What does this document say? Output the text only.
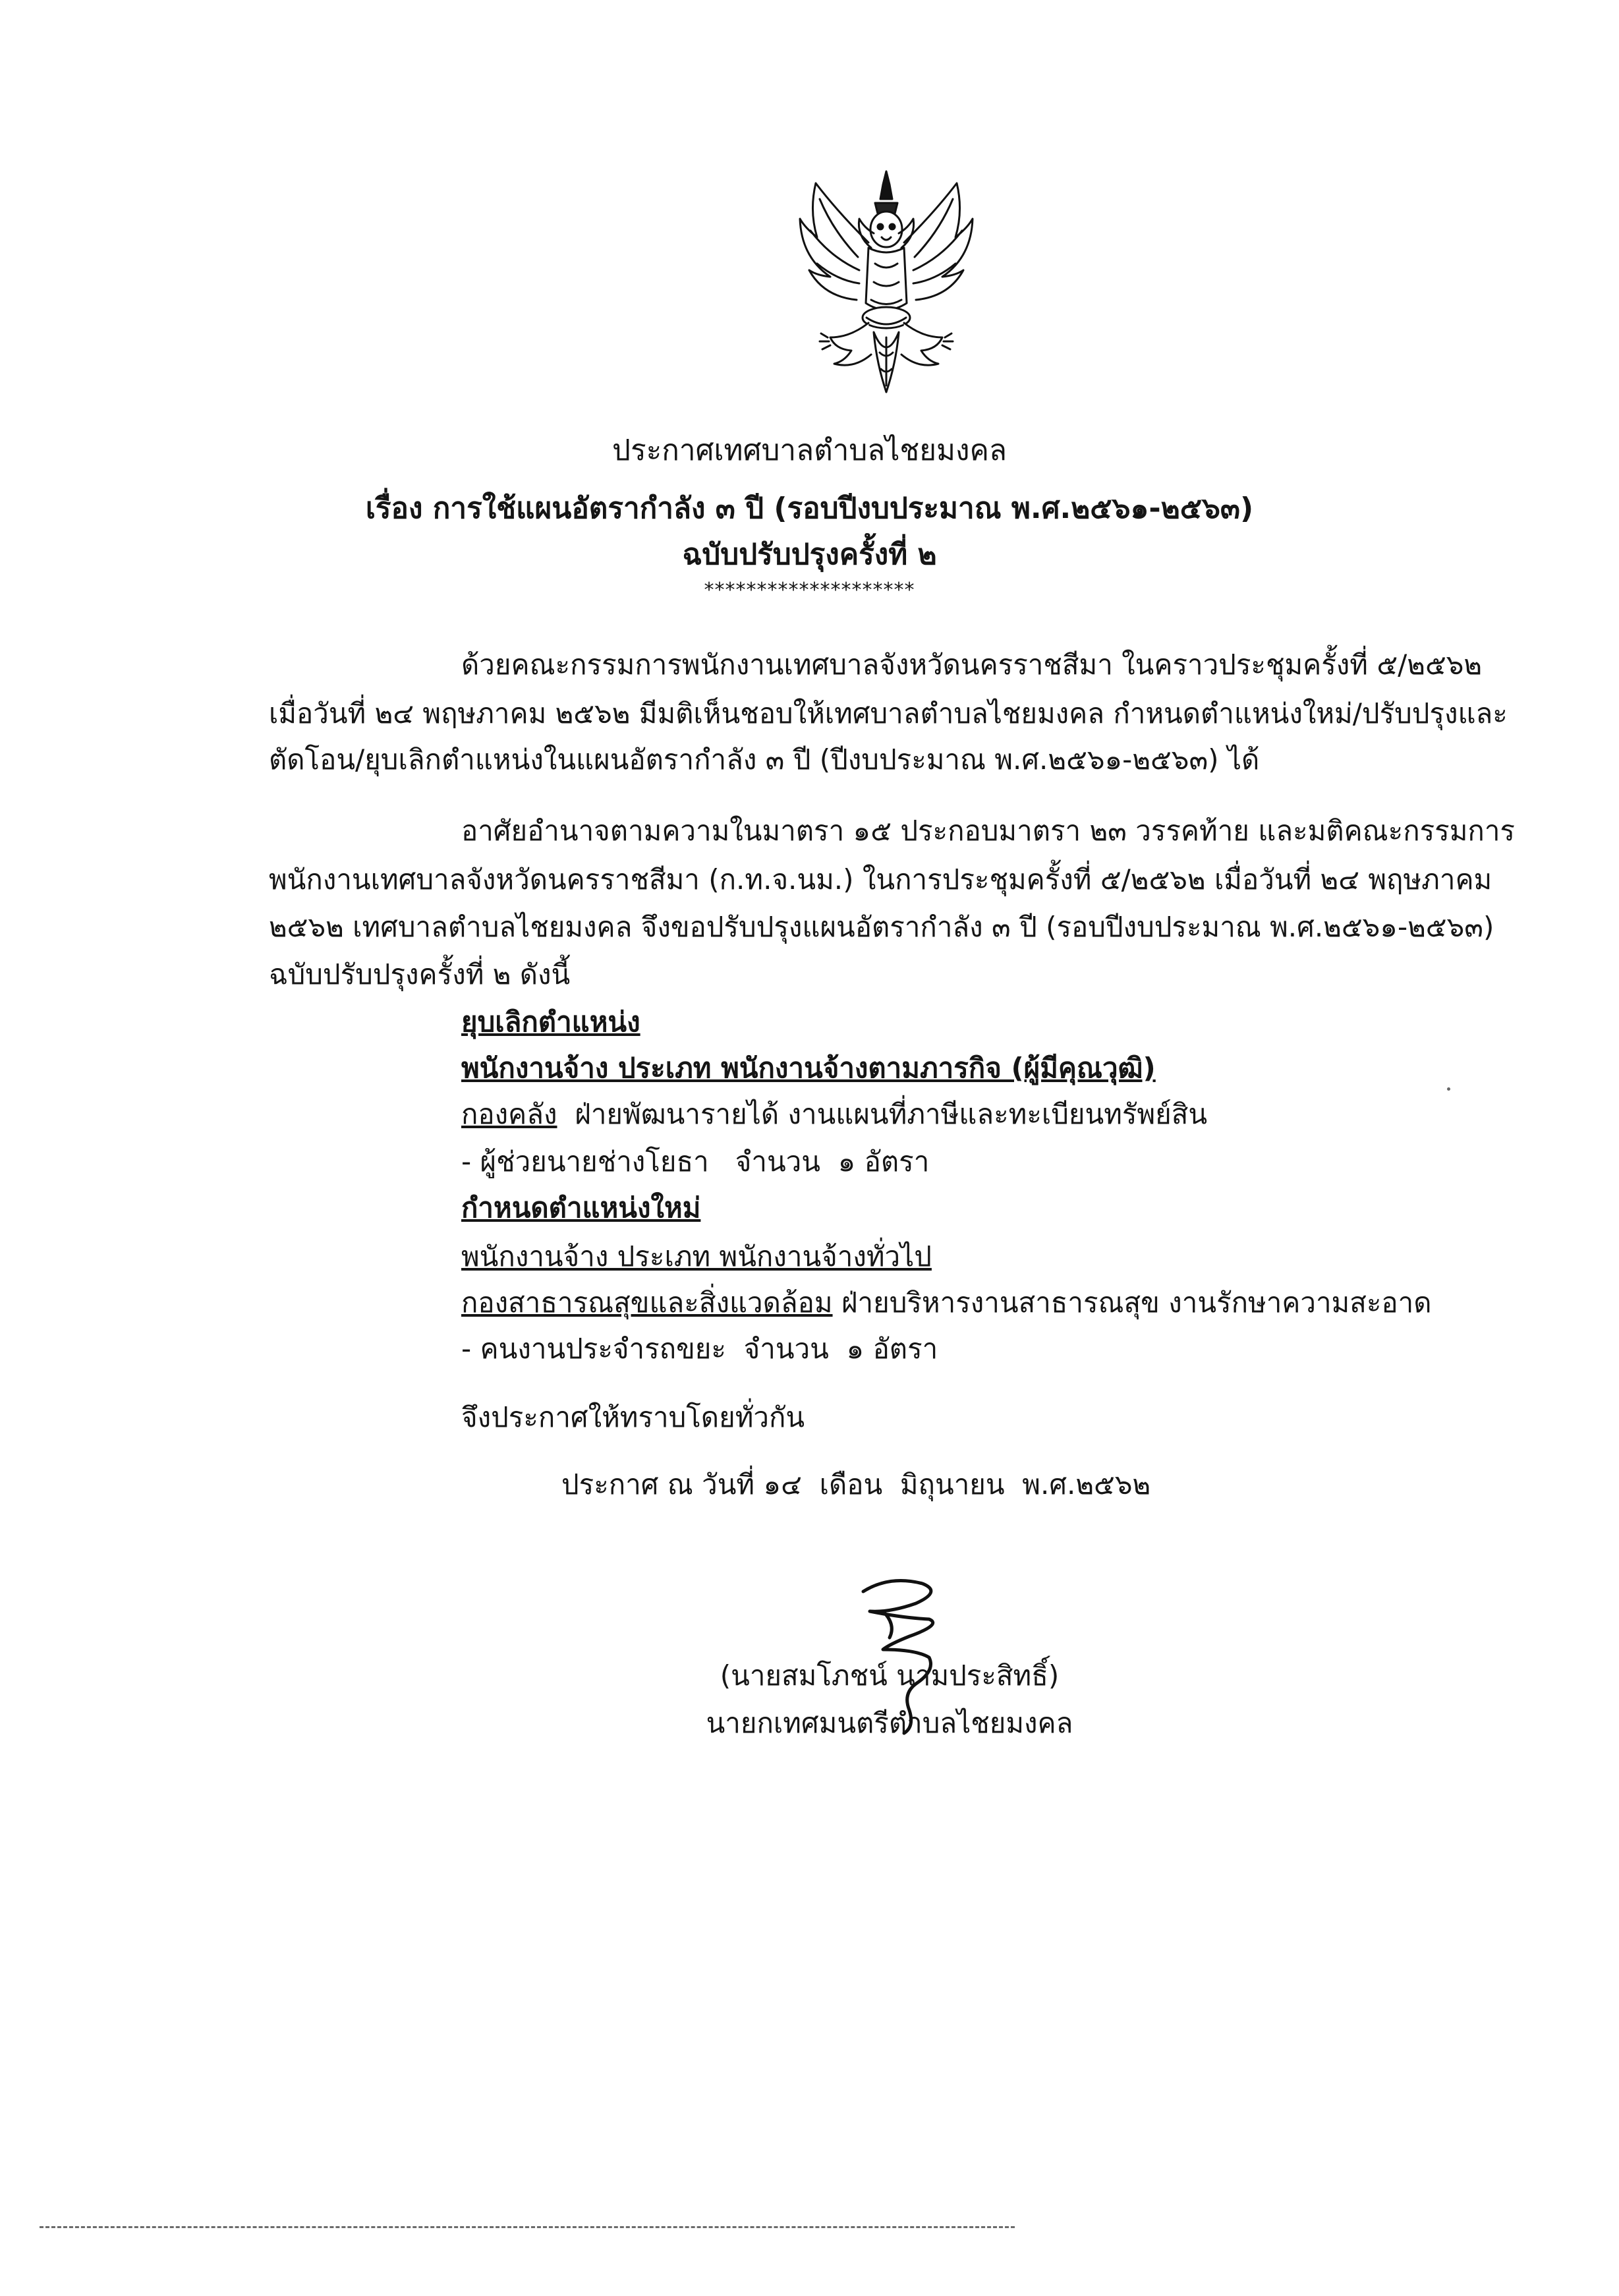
ประกาศเทศบาลตำบลไชยมงคล
เรื่อง การใช้แผนอัตรากำลัง ๓ ปี (รอบปีงบประมาณ พ.ศ.๒๕๖๑-๒๕๖๓)
ฉบับปรับปรุงครั้งที่ ๒
********************
ด้วยคณะกรรมการพนักงานเทศบาลจังหวัดนครราชสีมา ในคราวประชุมครั้งที่ ๕/๒๕๖๒
เมื่อวันที่ ๒๔ พฤษภาคม ๒๕๖๒ มีมติเห็นชอบให้เทศบาลตำบลไชยมงคล กำหนดตำแหน่งใหม่/ปรับปรุงและ
ตัดโอน/ยุบเลิกตำแหน่งในแผนอัตรากำลัง ๓ ปี (ปีงบประมาณ พ.ศ.๒๕๖๑-๒๕๖๓) ได้
อาศัยอำนาจตามความในมาตรา ๑๕ ประกอบมาตรา ๒๓ วรรคท้าย และมติคณะกรรมการ
พนักงานเทศบาลจังหวัดนครราชสีมา (ก.ท.จ.นม.) ในการประชุมครั้งที่ ๕/๒๕๖๒ เมื่อวันที่ ๒๔ พฤษภาคม
๒๕๖๒ เทศบาลตำบลไชยมงคล จึงขอปรับปรุงแผนอัตรากำลัง ๓ ปี (รอบปีงบประมาณ พ.ศ.๒๕๖๑-๒๕๖๓)
ฉบับปรับปรุงครั้งที่ ๒ ดังนี้
ยุบเลิกตำแหน่ง
พนักงานจ้าง ประเภท พนักงานจ้างตามภารกิจ (ผู้มีคุณวุฒิ)
กองคลัง  ฝ่ายพัฒนารายได้ งานแผนที่ภาษีและทะเบียนทรัพย์สิน
- ผู้ช่วยนายช่างโยธา   จำนวน  ๑ อัตรา
กำหนดตำแหน่งใหม่
พนักงานจ้าง ประเภท พนักงานจ้างทั่วไป
กองสาธารณสุขและสิ่งแวดล้อม ฝ่ายบริหารงานสาธารณสุข งานรักษาความสะอาด
- คนงานประจำรถขยะ  จำนวน  ๑ อัตรา
จึงประกาศให้ทราบโดยทั่วกัน
ประกาศ ณ วันที่ ๑๔  เดือน  มิถุนายน  พ.ศ.๒๕๖๒
(นายสมโภชน์ นามประสิทธิ์)
นายกเทศมนตรีตำบลไชยมงคล
